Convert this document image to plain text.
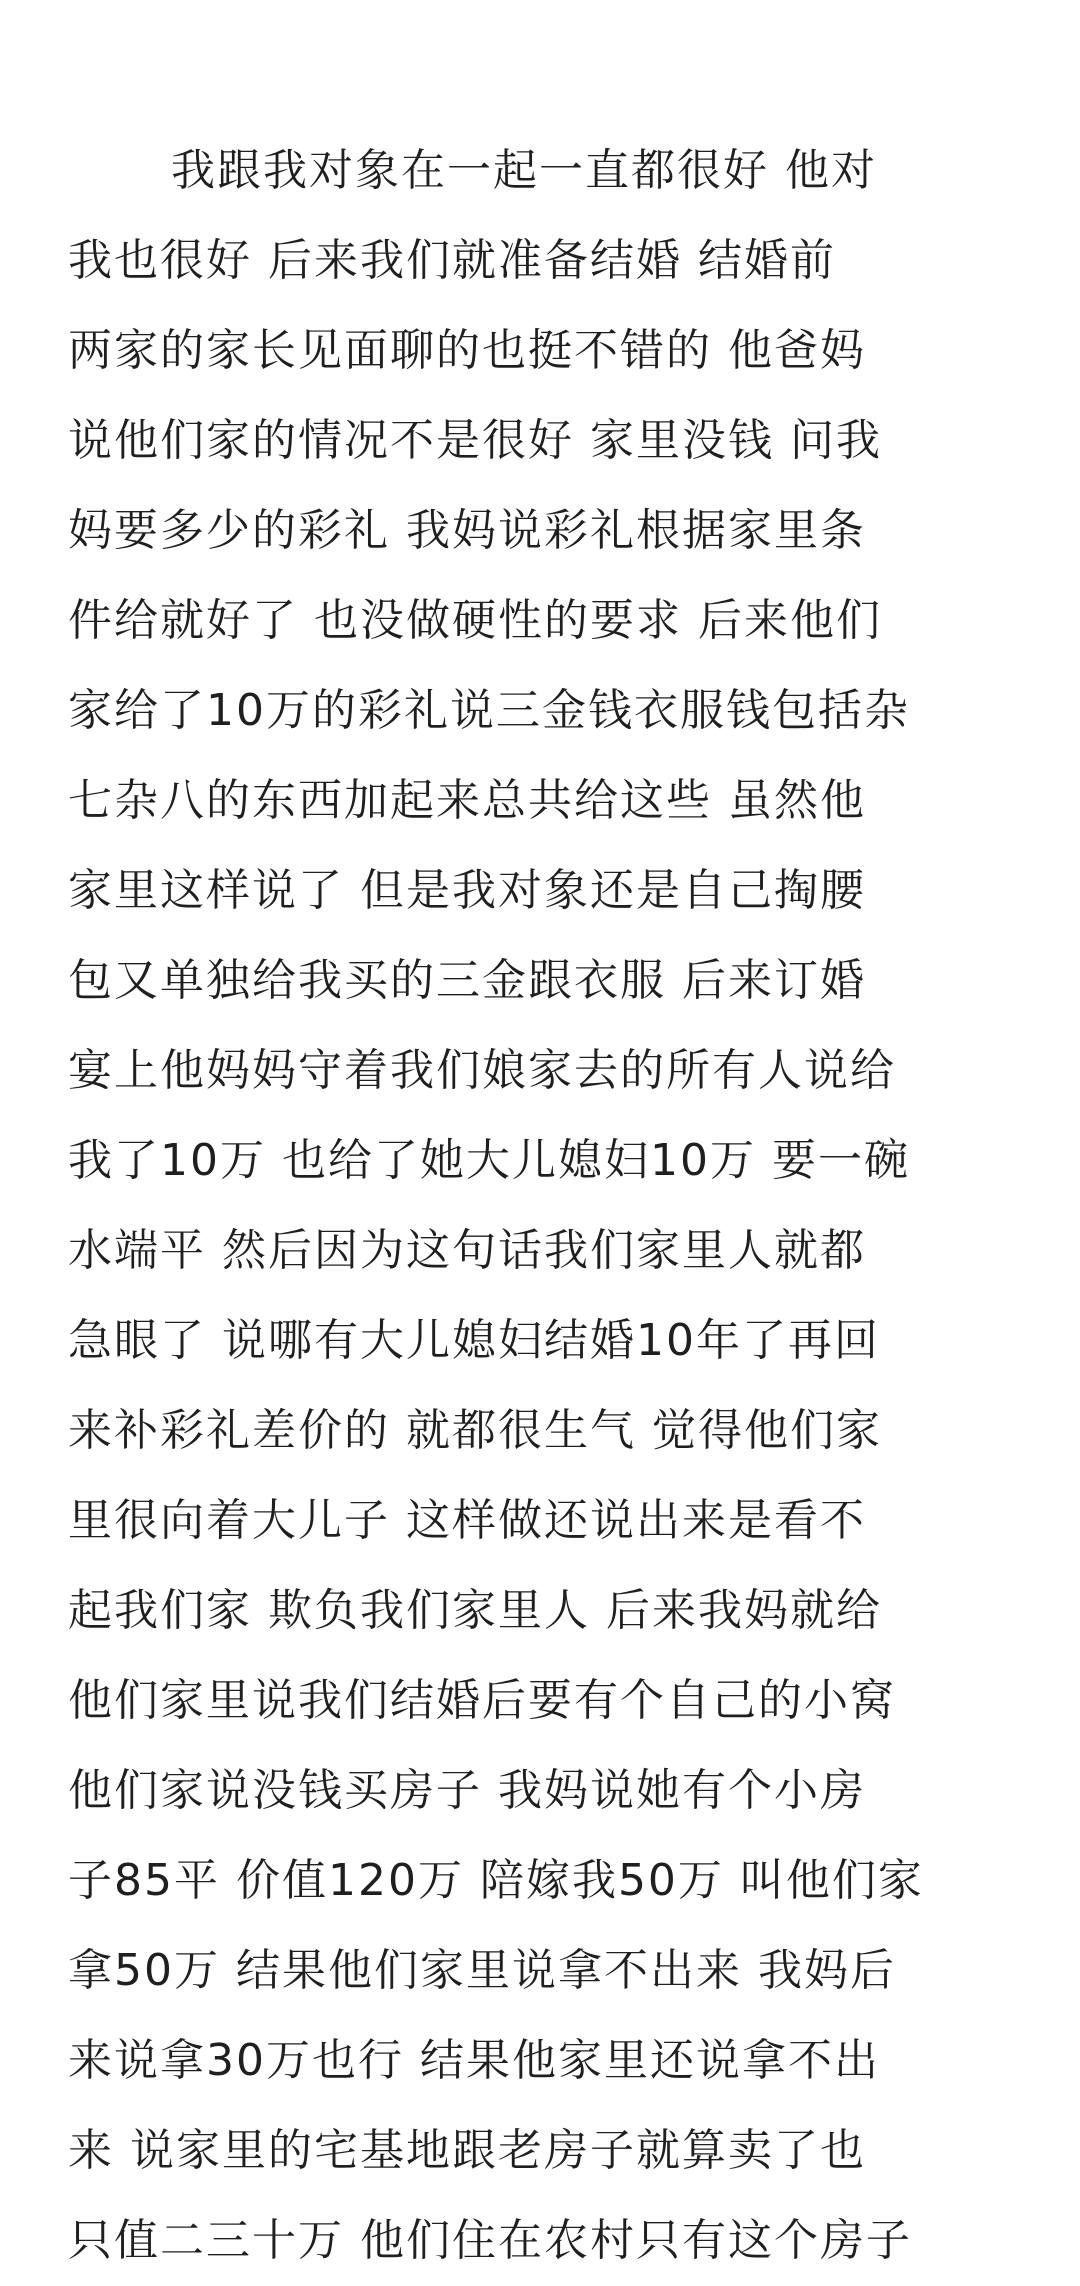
我跟我对象在一起一直都很好 他对
我也很好 后来我们就准备结婚 结婚前
两家的家长见面聊的也挺不错的 他爸妈
说他们家的情况不是很好 家里没钱 问我
妈要多少的彩礼 我妈说彩礼根据家里条
件给就好了 也没做硬性的要求 后来他们
家给了10万的彩礼说三金钱衣服钱包括杂
七杂八的东西加起来总共给这些 虽然他
家里这样说了 但是我对象还是自己掏腰
包又单独给我买的三金跟衣服 后来订婚
宴上他妈妈守着我们娘家去的所有人说给
我了10万 也给了她大儿媳妇10万 要一碗
水端平 然后因为这句话我们家里人就都
急眼了 说哪有大儿媳妇结婚10年了再回
来补彩礼差价的 就都很生气 觉得他们家
里很向着大儿子 这样做还说出来是看不
起我们家 欺负我们家里人 后来我妈就给
他们家里说我们结婚后要有个自己的小窝
他们家说没钱买房子 我妈说她有个小房
子85平 价值120万 陪嫁我50万 叫他们家
拿50万 结果他们家里说拿不出来 我妈后
来说拿30万也行 结果他家里还说拿不出
来 说家里的宅基地跟老房子就算卖了也
只值二三十万 他们住在农村只有这个房子
